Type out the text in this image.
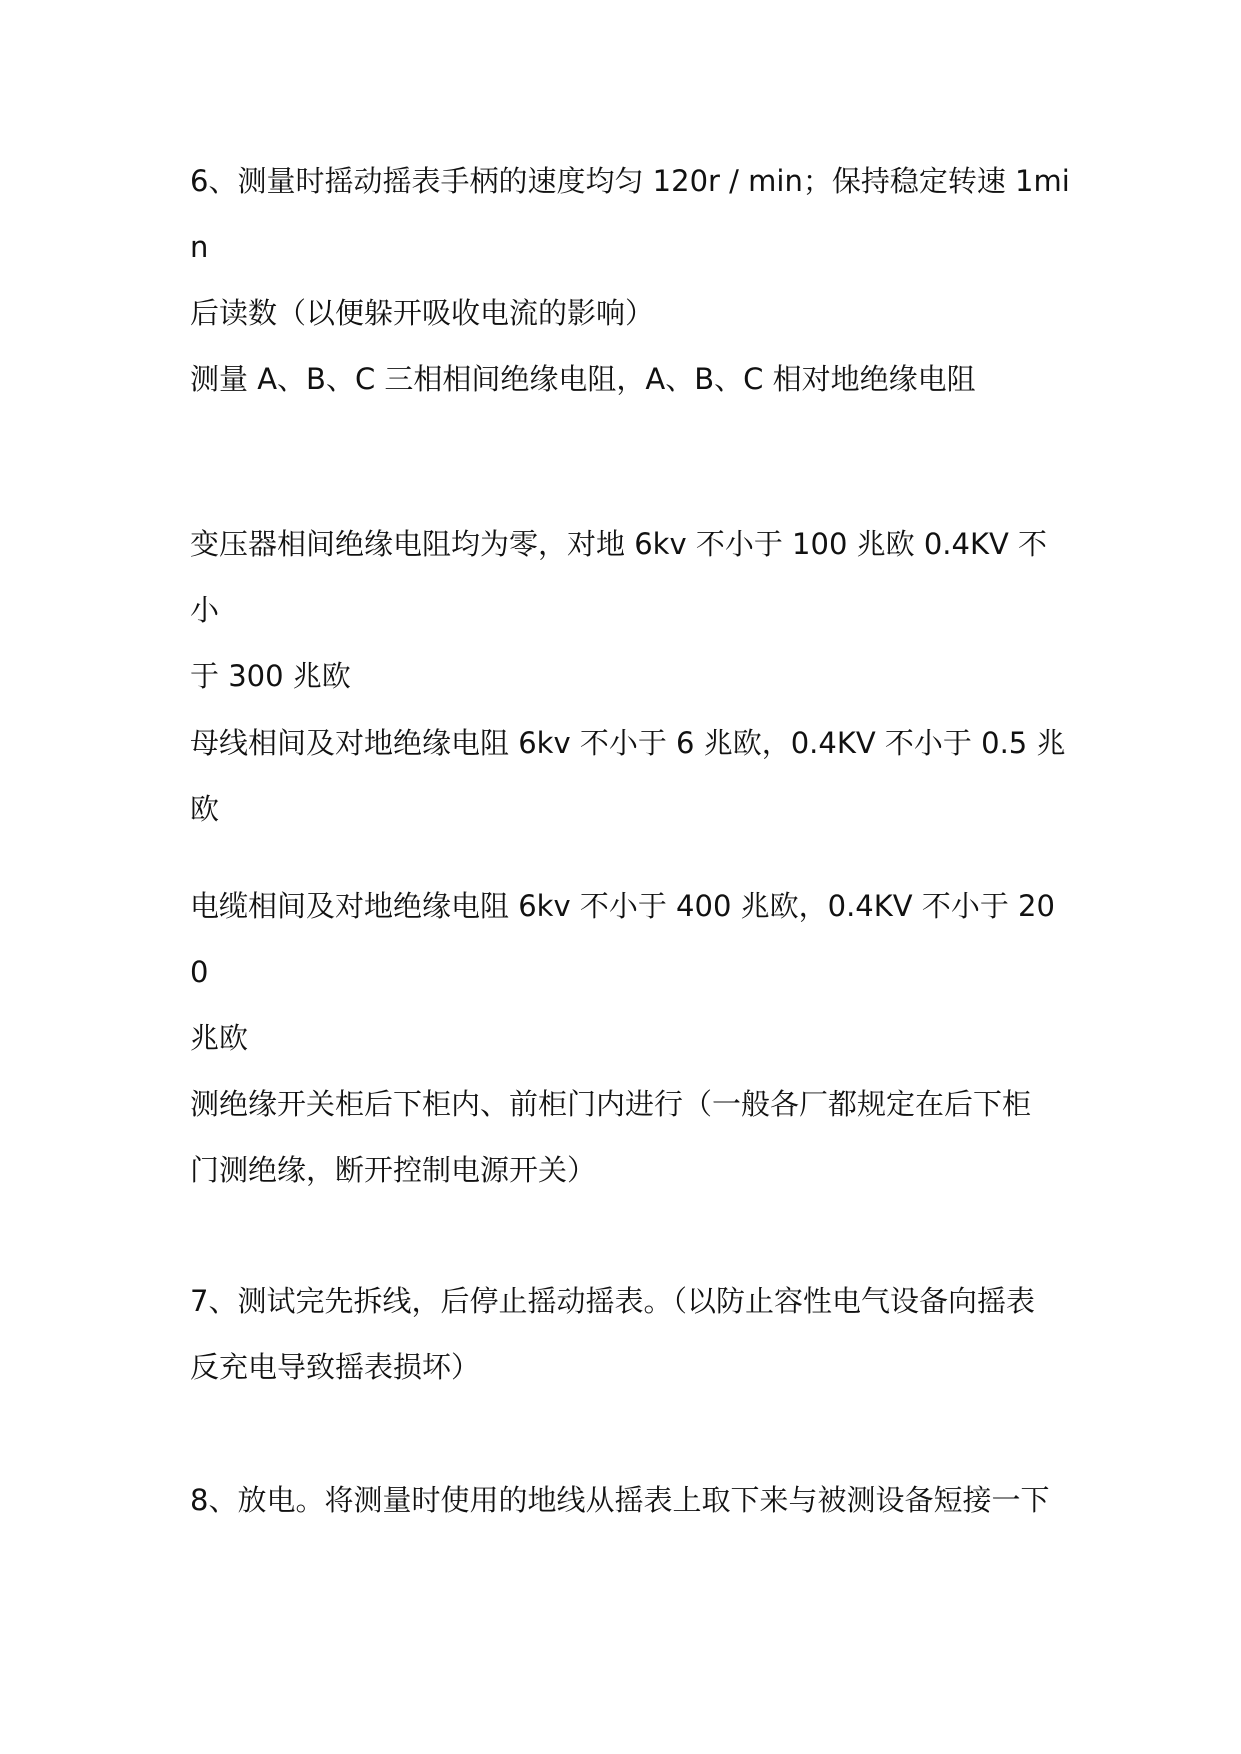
6、测量时摇动摇表手柄的速度均匀 120r / min；保持稳定转速 1min
后读数（以便躲开吸收电流的影响）

测量 A、B、C 三相相间绝缘电阻，A、B、C 相对地绝缘电阻

变压器相间绝缘电阻均为零，对地 6kv 不小于 100 兆欧 0.4KV 不小
于 300 兆欧

母线相间及对地绝缘电阻 6kv 不小于 6 兆欧，0.4KV 不小于 0.5 兆欧

电缆相间及对地绝缘电阻 6kv 不小于 400 兆欧，0.4KV 不小于 200
兆欧

测绝缘开关柜后下柜内、前柜门内进行（一般各厂都规定在后下柜
门测绝缘，断开控制电源开关）

7、测试完先拆线，后停止摇动摇表。（以防止容性电气设备向摇表
反充电导致摇表损坏）

8、放电。将测量时使用的地线从摇表上取下来与被测设备短接一下
